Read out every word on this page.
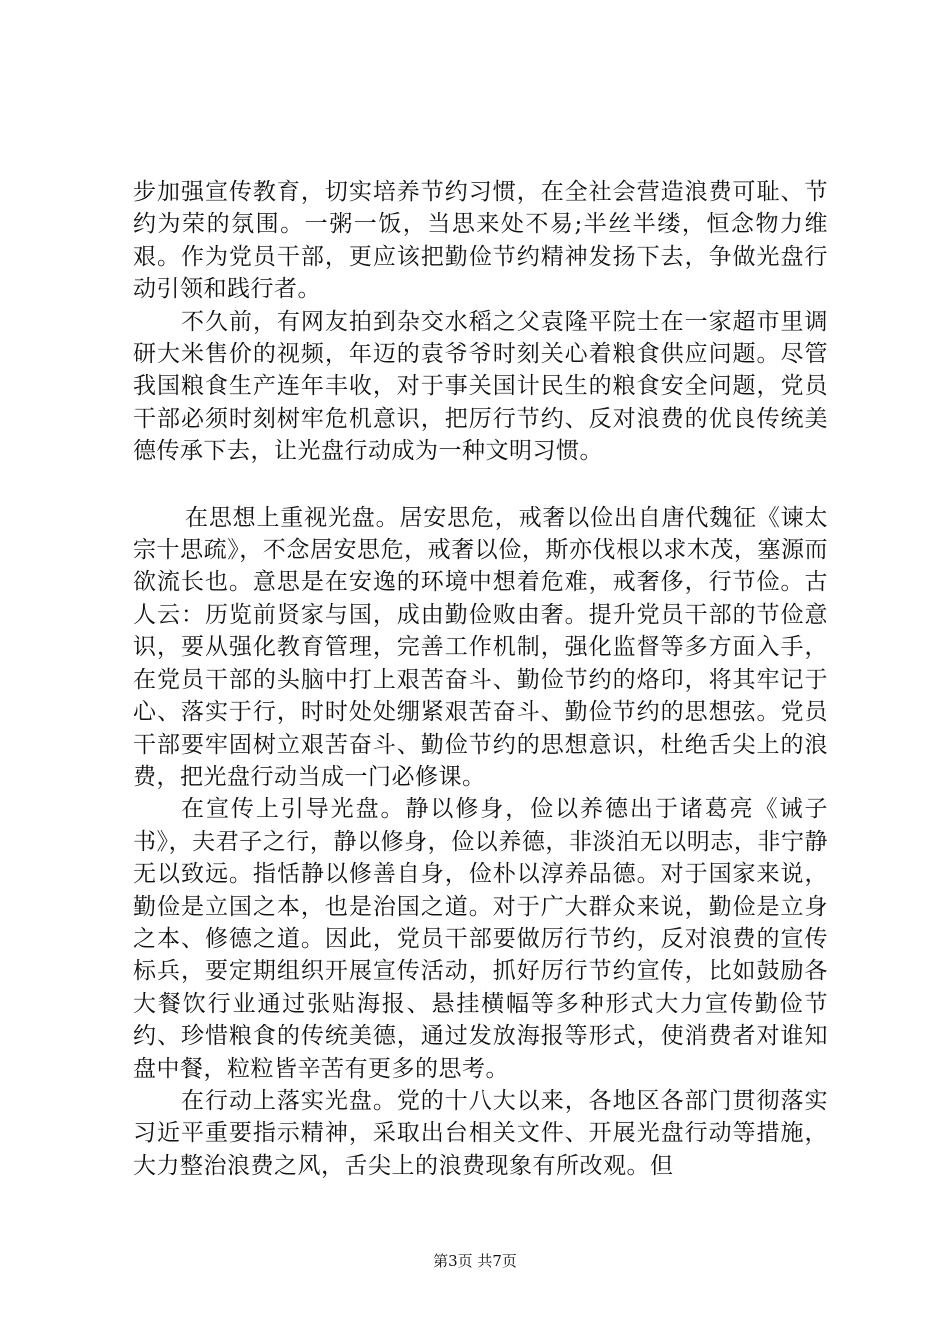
步加强宣传教育，切实培养节约习惯，在全社会营造浪费可耻、节约为荣的氛围。一粥一饭，当思来处不易;半丝半缕，恒念物力维艰。作为党员干部，更应该把勤俭节约精神发扬下去，争做光盘行动引领和践行者。

不久前，有网友拍到杂交水稻之父袁隆平院士在一家超市里调研大米售价的视频，年迈的袁爷爷时刻关心着粮食供应问题。尽管我国粮食生产连年丰收，对于事关国计民生的粮食安全问题，党员干部必须时刻树牢危机意识，把厉行节约、反对浪费的优良传统美德传承下去，让光盘行动成为一种文明习惯。

在思想上重视光盘。居安思危，戒奢以俭出自唐代魏征《谏太宗十思疏》，不念居安思危，戒奢以俭，斯亦伐根以求木茂，塞源而欲流长也。意思是在安逸的环境中想着危难，戒奢侈，行节俭。古人云：历览前贤家与国，成由勤俭败由奢。提升党员干部的节俭意识，要从强化教育管理，完善工作机制，强化监督等多方面入手，在党员干部的头脑中打上艰苦奋斗、勤俭节约的烙印，将其牢记于心、落实于行，时时处处绷紧艰苦奋斗、勤俭节约的思想弦。党员干部要牢固树立艰苦奋斗、勤俭节约的思想意识，杜绝舌尖上的浪费，把光盘行动当成一门必修课。

在宣传上引导光盘。静以修身，俭以养德出于诸葛亮《诫子书》，夫君子之行，静以修身，俭以养德，非淡泊无以明志，非宁静无以致远。指恬静以修善自身，俭朴以淳养品德。对于国家来说，勤俭是立国之本，也是治国之道。对于广大群众来说，勤俭是立身之本、修德之道。因此，党员干部要做厉行节约，反对浪费的宣传标兵，要定期组织开展宣传活动，抓好厉行节约宣传，比如鼓励各大餐饮行业通过张贴海报、悬挂横幅等多种形式大力宣传勤俭节约、珍惜粮食的传统美德，通过发放海报等形式，使消费者对谁知盘中餐，粒粒皆辛苦有更多的思考。

在行动上落实光盘。党的十八大以来，各地区各部门贯彻落实习近平重要指示精神，采取出台相关文件、开展光盘行动等措施，大力整治浪费之风，舌尖上的浪费现象有所改观。但

第3页 共7页
